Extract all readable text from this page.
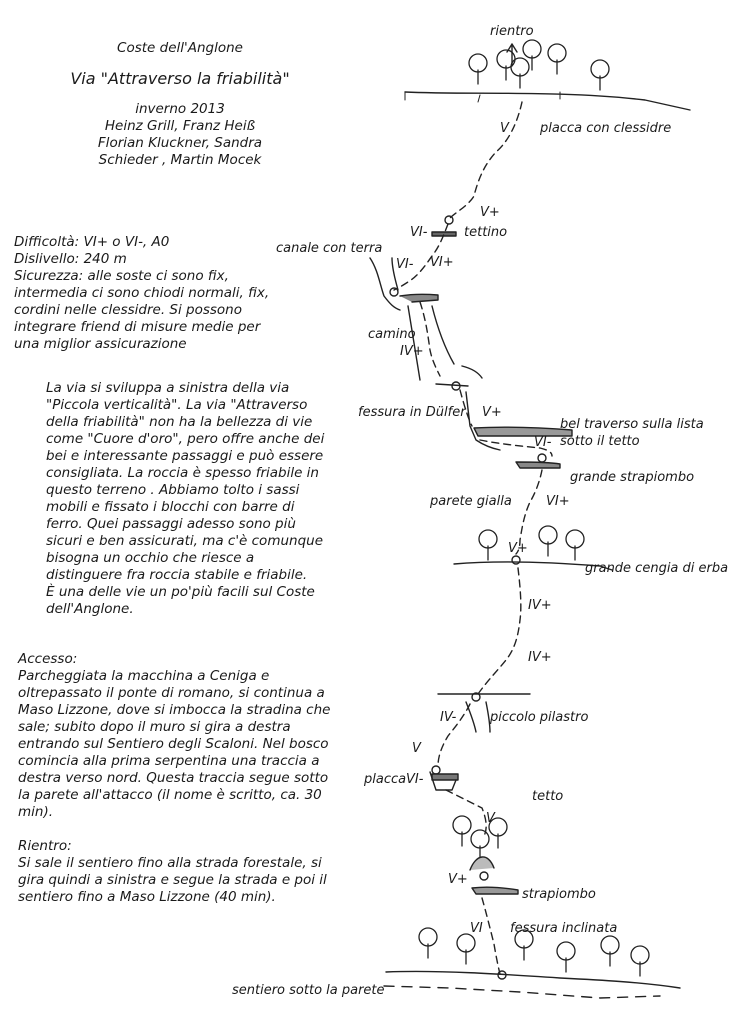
Coste dell'Anglone
Via "Attraverso la friabilità"
inverno 2013
Heinz Grill, Franz Heiß
Florian Kluckner, Sandra
Schieder , Martin Mocek
Difficoltà: VI+ o VI-, A0
Dislivello: 240 m
Sicurezza: alle soste ci sono fix,
intermedia ci sono chiodi normali, fix,
cordini nelle clessidre. Si possono
integrare friend di misure medie per
una miglior assicurazione
La via si sviluppa a sinistra della via
"Piccola verticalità". La via "Attraverso
della friabilità" non ha la bellezza di vie
come "Cuore d'oro", pero offre anche dei
bei e interessante passaggi e può essere
consigliata. La roccia è spesso friabile in
questo terreno . Abbiamo tolto i sassi
mobili e fissato i blocchi con barre di
ferro. Quei passaggi adesso sono più
sicuri e ben assicurati, ma c'è comunque
bisogna un occhio che riesce a
distinguere fra roccia stabile e friabile.
È una delle vie un po'più facili sul Coste
dell'Anglone.
Accesso:
Parcheggiata la macchina a Ceniga e
oltrepassato il ponte di romano, si continua a
Maso Lizzone, dove si imbocca la stradina che
sale; subito dopo il muro si gira a destra
entrando sul Sentiero degli Scaloni. Nel bosco
comincia alla prima serpentina una traccia a
destra verso nord. Questa traccia segue sotto
la parete all'attacco (il nome è scritto, ca. 30
min).
Rientro:
Si sale il sentiero fino alla strada forestale, si
gira quindi a sinistra e segue la strada e poi il
sentiero fino a Maso Lizzone (40 min).
rientro
placca con clessidre
tettino
canale con terra
camino
fessura in Dülfer
bel traverso sulla lista
sotto il tetto
grande strapiombo
parete gialla
grande cengia di erba
piccolo pilastro
placca
tetto
strapiombo
fessura inclinata
sentiero sotto la parete
V
V+
VI-
VI- VI+
IV+
V+
VI-
VI+
V+
IV+
IV+
IV-
V
VI-
V
V+
VI
